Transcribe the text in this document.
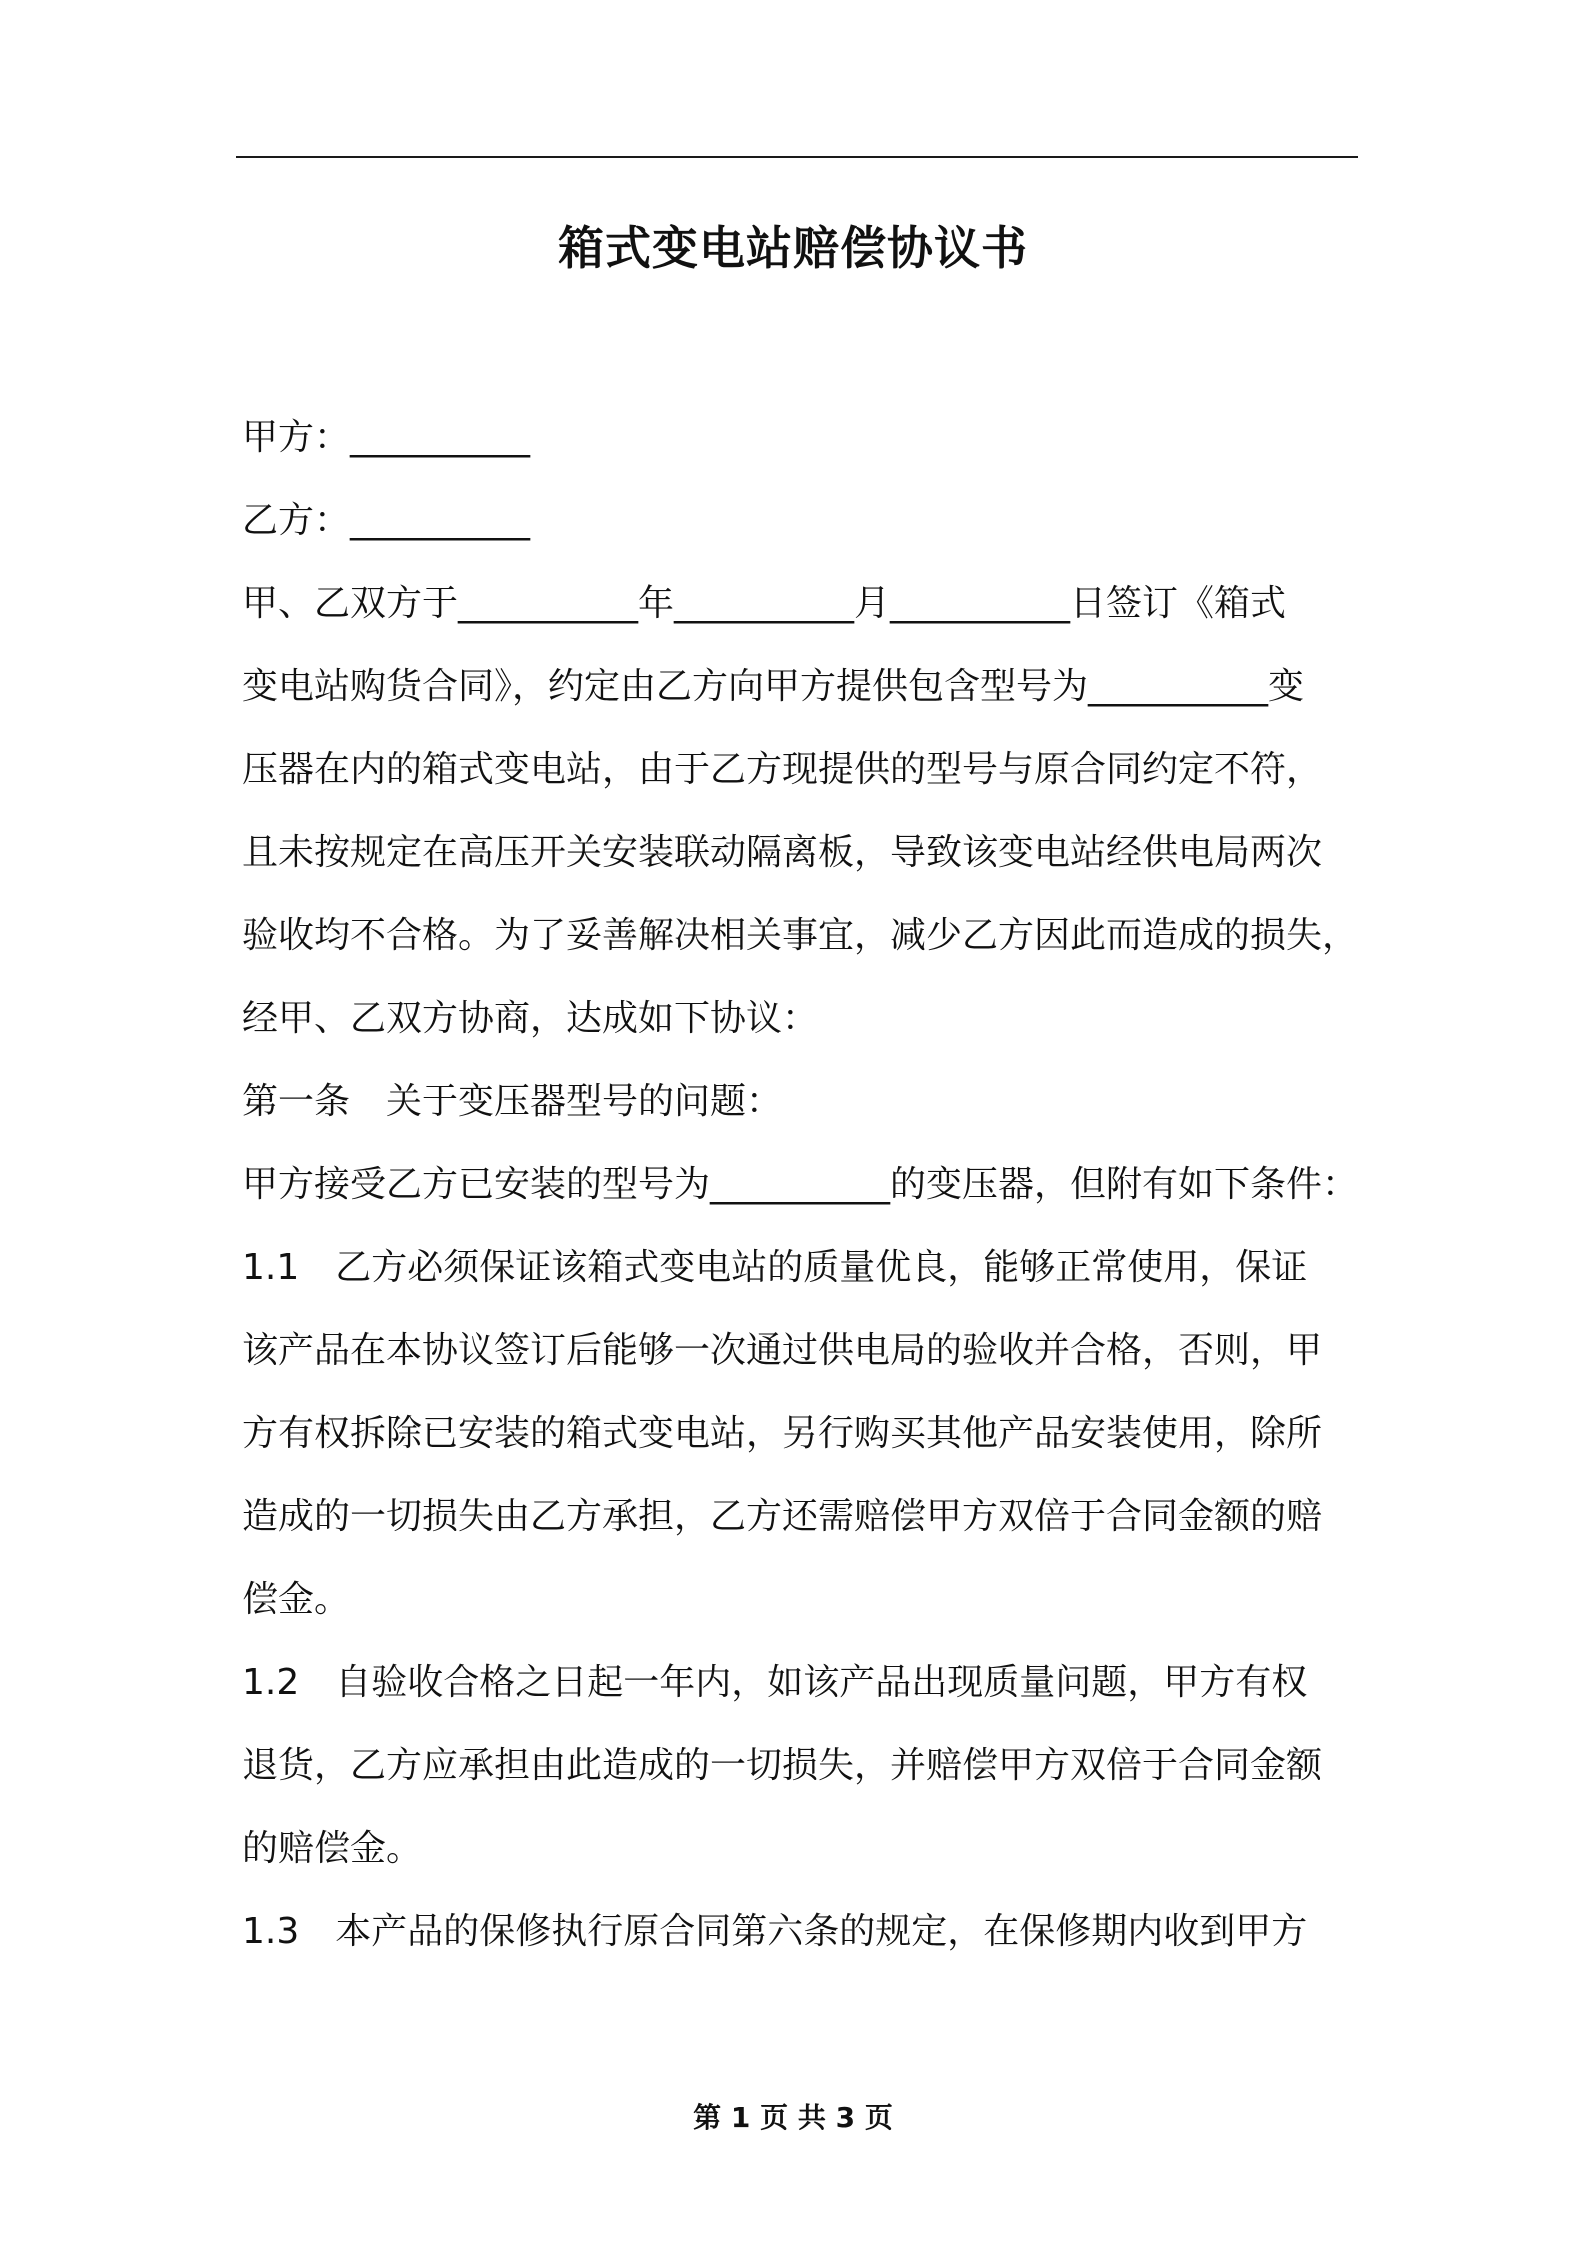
箱式变电站赔偿协议书

甲方：__________

乙方：__________

甲、乙双方于__________年__________月__________日签订《箱式

变电站购货合同》，约定由乙方向甲方提供包含型号为__________变

压器在内的箱式变电站，由于乙方现提供的型号与原合同约定不符，

且未按规定在高压开关安装联动隔离板，导致该变电站经供电局两次

验收均不合格。为了妥善解决相关事宜，减少乙方因此而造成的损失，

经甲、乙双方协商，达成如下协议：

第一条　关于变压器型号的问题：

甲方接受乙方已安装的型号为__________的变压器，但附有如下条件：

1.1　乙方必须保证该箱式变电站的质量优良，能够正常使用，保证

该产品在本协议签订后能够一次通过供电局的验收并合格，否则，甲

方有权拆除已安装的箱式变电站，另行购买其他产品安装使用，除所

造成的一切损失由乙方承担，乙方还需赔偿甲方双倍于合同金额的赔

偿金。

1.2　自验收合格之日起一年内，如该产品出现质量问题，甲方有权

退货，乙方应承担由此造成的一切损失，并赔偿甲方双倍于合同金额

的赔偿金。

1.3　本产品的保修执行原合同第六条的规定，在保修期内收到甲方

第 1 页 共 3 页
